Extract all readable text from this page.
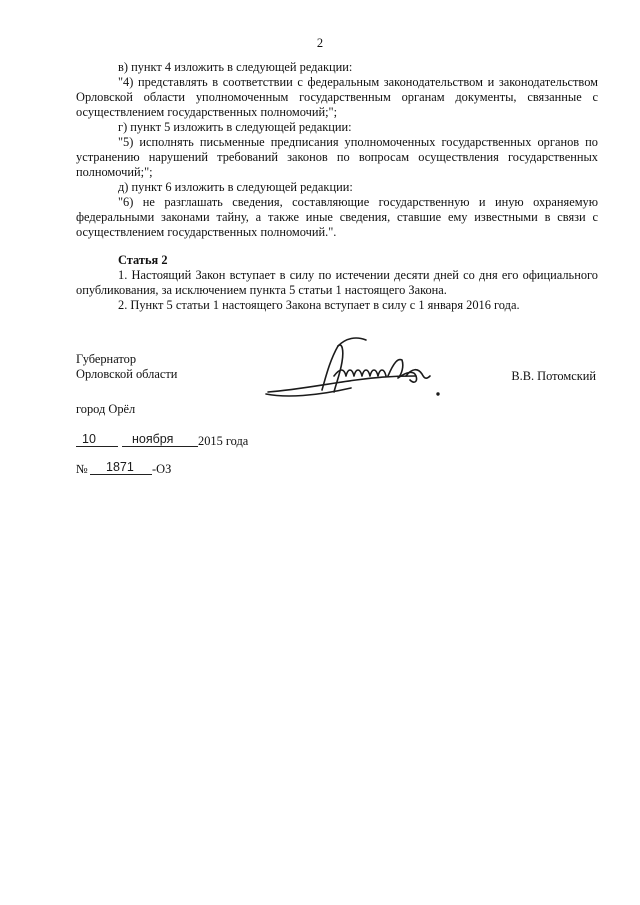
2

в) пункт 4 изложить в следующей редакции:

"4) представлять в соответствии с федеральным законодательством и законодательством Орловской области уполномоченным государственным органам документы, связанные с осуществлением государственных полномочий;";

г) пункт 5 изложить в следующей редакции:

"5) исполнять письменные предписания уполномоченных государственных органов по устранению нарушений требований законов по вопросам осуществления государственных полномочий;";

д) пункт 6 изложить в следующей редакции:

"6) не разглашать сведения, составляющие государственную и иную охраняемую федеральными законами тайну, а также иные сведения, ставшие ему известными в связи с осуществлением государственных полномочий.".

Статья 2

1. Настоящий Закон вступает в силу по истечении десяти дней со дня его официального опубликования, за исключением пункта 5 статьи 1 настоящего Закона.

2. Пункт 5 статьи 1 настоящего Закона вступает в силу с 1 января 2016 года.

Губернатор
Орловской области	В.В. Потомский
город Орёл
10	ноября 2015 года
№ 1871 -ОЗ
